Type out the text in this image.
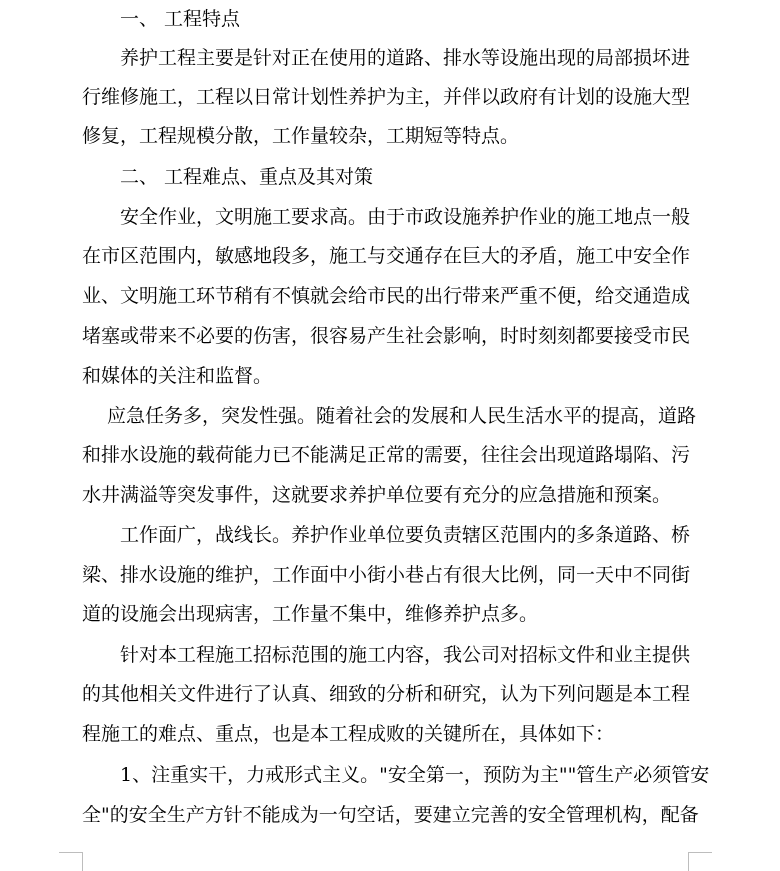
一、 工程特点
养护工程主要是针对正在使用的道路、排水等设施出现的局部损坏进
行维修施工，工程以日常计划性养护为主，并伴以政府有计划的设施大型
修复，工程规模分散，工作量较杂，工期短等特点。
二、 工程难点、重点及其对策
安全作业，文明施工要求高。由于市政设施养护作业的施工地点一般
在市区范围内，敏感地段多，施工与交通存在巨大的矛盾，施工中安全作
业、文明施工环节稍有不慎就会给市民的出行带来严重不便，给交通造成
堵塞或带来不必要的伤害，很容易产生社会影响，时时刻刻都要接受市民
和媒体的关注和监督。
应急任务多，突发性强。随着社会的发展和人民生活水平的提高，道路
和排水设施的载荷能力已不能满足正常的需要，往往会出现道路塌陷、污
水井满溢等突发事件，这就要求养护单位要有充分的应急措施和预案。
工作面广，战线长。养护作业单位要负责辖区范围内的多条道路、桥
梁、排水设施的维护，工作面中小街小巷占有很大比例，同一天中不同街
道的设施会出现病害，工作量不集中，维修养护点多。
针对本工程施工招标范围的施工内容，我公司对招标文件和业主提供
的其他相关文件进行了认真、细致的分析和研究，认为下列问题是本工程
程施工的难点、重点，也是本工程成败的关键所在，具体如下：
1、注重实干，力戒形式主义。"安全第一，预防为主""管生产必须管安
全"的安全生产方针不能成为一句空话，要建立完善的安全管理机构，配备
